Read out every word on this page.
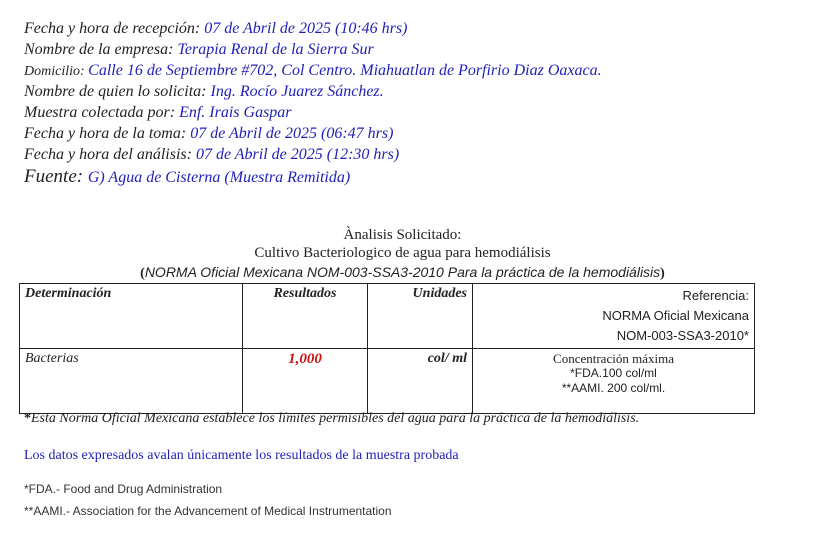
Fecha y hora de recepción: 07 de Abril de 2025 (10:46 hrs)
Nombre de la empresa: Terapia Renal de la Sierra Sur
Domicilio: Calle 16 de Septiembre #702, Col Centro. Miahuatlan de Porfirio Diaz Oaxaca.
Nombre de quien lo solicita: Ing. Rocío Juarez Sánchez.
Muestra colectada por: Enf. Irais Gaspar
Fecha y hora de la toma: 07 de Abril de 2025 (06:47 hrs)
Fecha y hora del análisis: 07 de Abril de 2025 (12:30 hrs)
Fuente: G) Agua de Cisterna (Muestra Remitida)
Ànalisis Solicitado:
Cultivo Bacteriologico de agua para hemodiálisis
(NORMA Oficial Mexicana NOM-003-SSA3-2010 Para la práctica de la hemodiálisis)
Determinación	Resultados	Unidades	Referencia:
NORMA Oficial Mexicana
NOM-003-SSA3-2010*

Bacterias	1,000	col/ ml	Concentración máxima
*FDA.100 col/ml
**AAMI. 200 col/ml.
*Esta Norma Oficial Mexicana establece los límites permisibles del agua para la práctica de la hemodiálisis.
Los datos expresados avalan únicamente los resultados de la muestra probada
*FDA.- Food and Drug Administration
**AAMI.- Association for the Advancement of Medical Instrumentation
